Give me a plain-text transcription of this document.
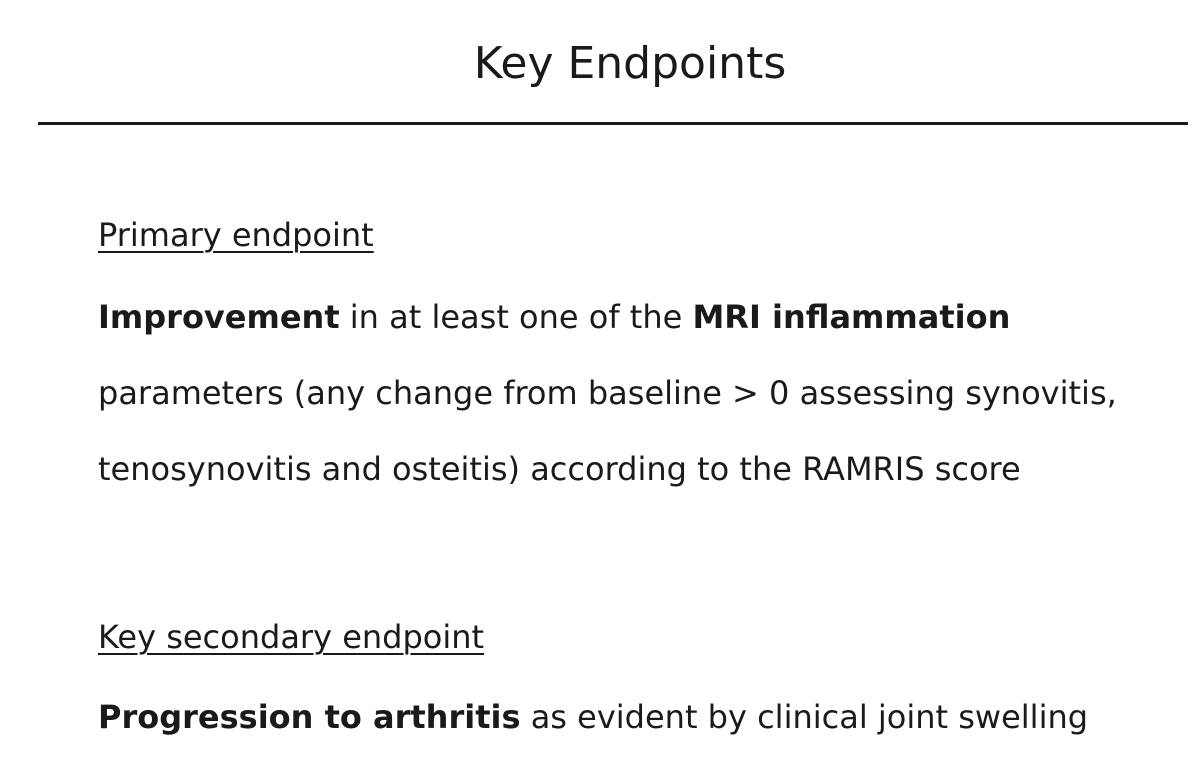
Key Endpoints
Primary endpoint
Improvement in at least one of the MRI inflammation
parameters (any change from baseline > 0 assessing synovitis,
tenosynovitis and osteitis) according to the RAMRIS score
Key secondary endpoint
Progression to arthritis as evident by clinical joint swelling
